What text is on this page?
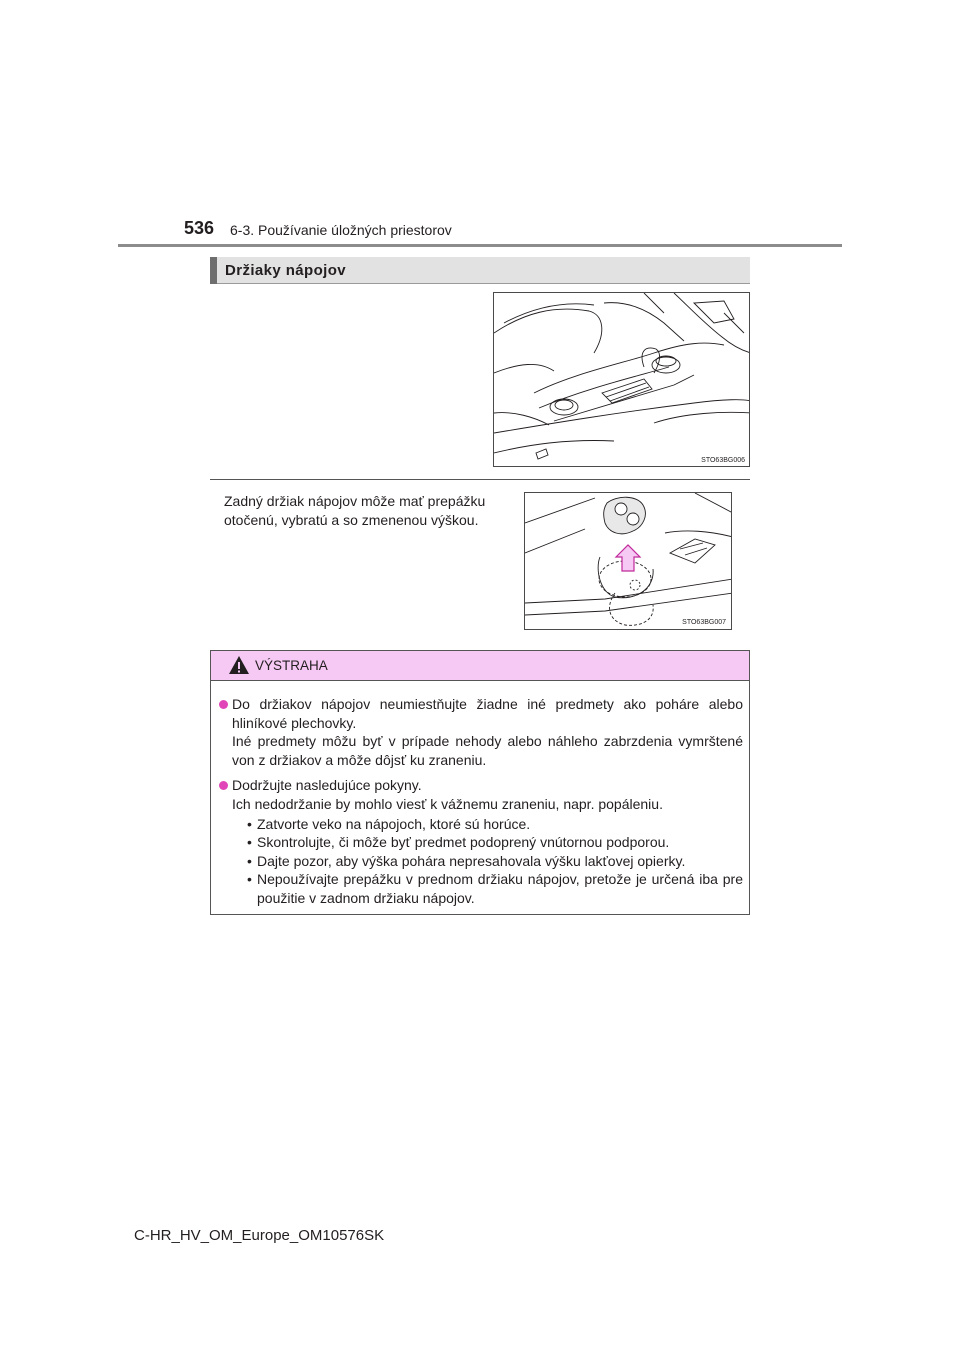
536 6-3. Používanie úložných priestorov
Držiaky nápojov
STO63BG006
Zadný držiak nápojov môže mať prepážku otočenú, vybratú a so zmenenou výškou.
STO63BG007
VÝSTRAHA
Do držiakov nápojov neumiestňujte žiadne iné predmety ako poháre alebo hliníkové plechovky.
Iné predmety môžu byť v prípade nehody alebo náhleho zabrzdenia vymrštené von z držiakov a môže dôjsť ku zraneniu.
Dodržujte nasledujúce pokyny.
Ich nedodržanie by mohlo viesť k vážnemu zraneniu, napr. popáleniu.
• Zatvorte veko na nápojoch, ktoré sú horúce.
• Skontrolujte, či môže byť predmet podoprený vnútornou podporou.
• Dajte pozor, aby výška pohára nepresahovala výšku lakťovej opierky.
• Nepoužívajte prepážku v prednom držiaku nápojov, pretože je určená iba pre použitie v zadnom držiaku nápojov.
C-HR_HV_OM_Europe_OM10576SK
